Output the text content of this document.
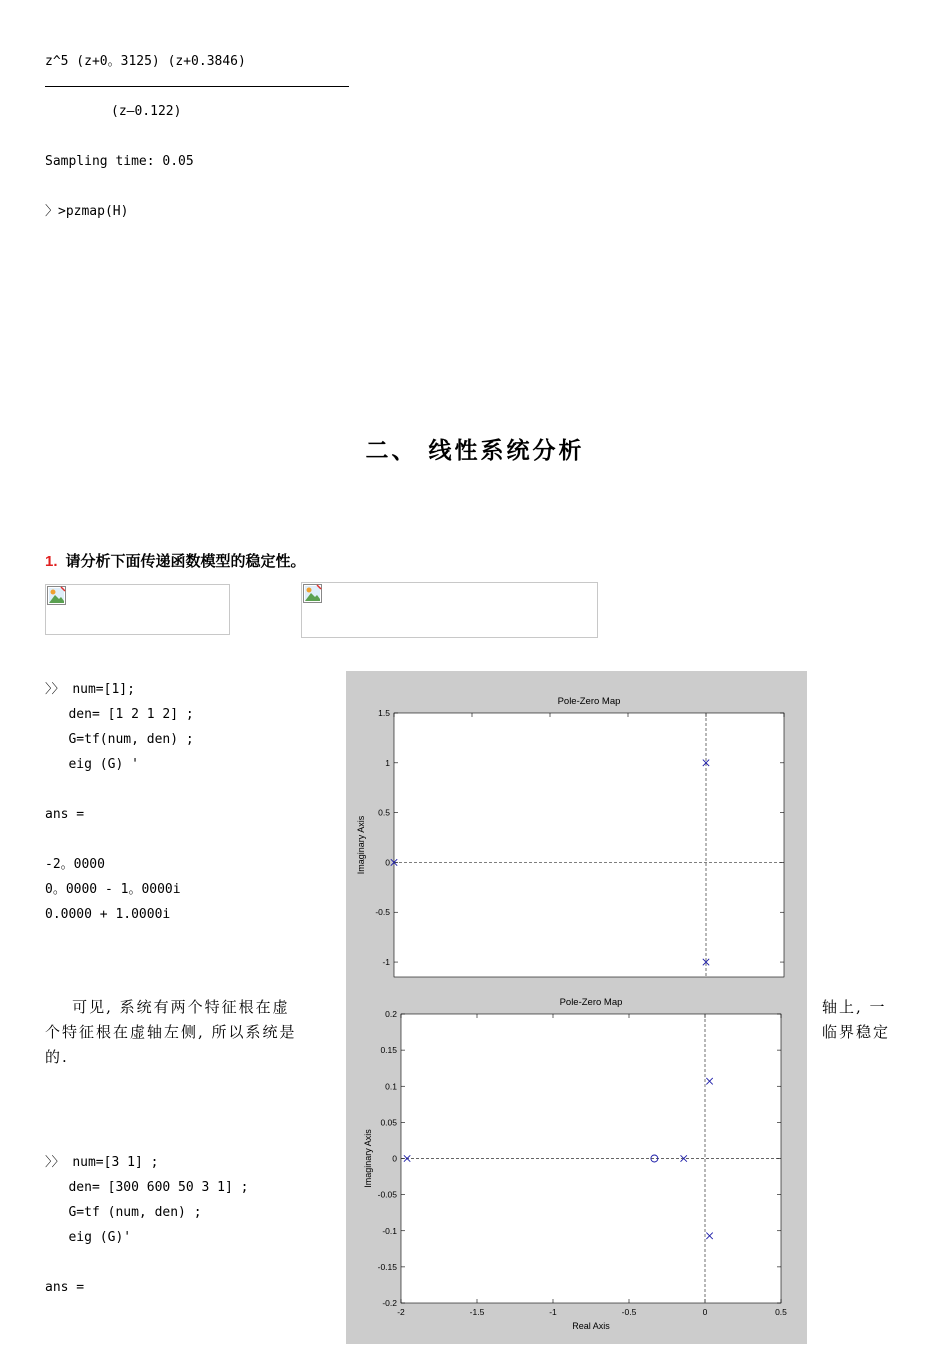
z^5 (z+0。3125) (z+0.3846)
(z—0.122)
Sampling time: 0.05
〉>pzmap(H)
二、 线性系统分析
1. 请分析下面传递函数模型的稳定性。
〉〉 num=[1];
den= [1 2 1 2] ;
G=tf(num, den) ;
eig (G) '
ans =
-2。0000
0。0000 - 1。0000i
0.0000 + 1.0000i
可见, 系统有两个特征根在虚	轴上, 一
个特征根在虚轴左侧, 所以系统是	临界稳定
的.
〉〉 num=[3 1] ;
den= [300 600 50 3 1] ;
G=tf (num, den) ;
eig (G)'
ans =
Pole-Zero Map
1.5
1
0.5
0
-0.5
-1
Imaginary Axis
Pole-Zero Map
0.2
0.15
0.1
0.05
0
-0.05
-0.1
-0.15
-0.2
-2	-1.5	-1	-0.5	0	0.5
Imaginary Axis
Real Axis
